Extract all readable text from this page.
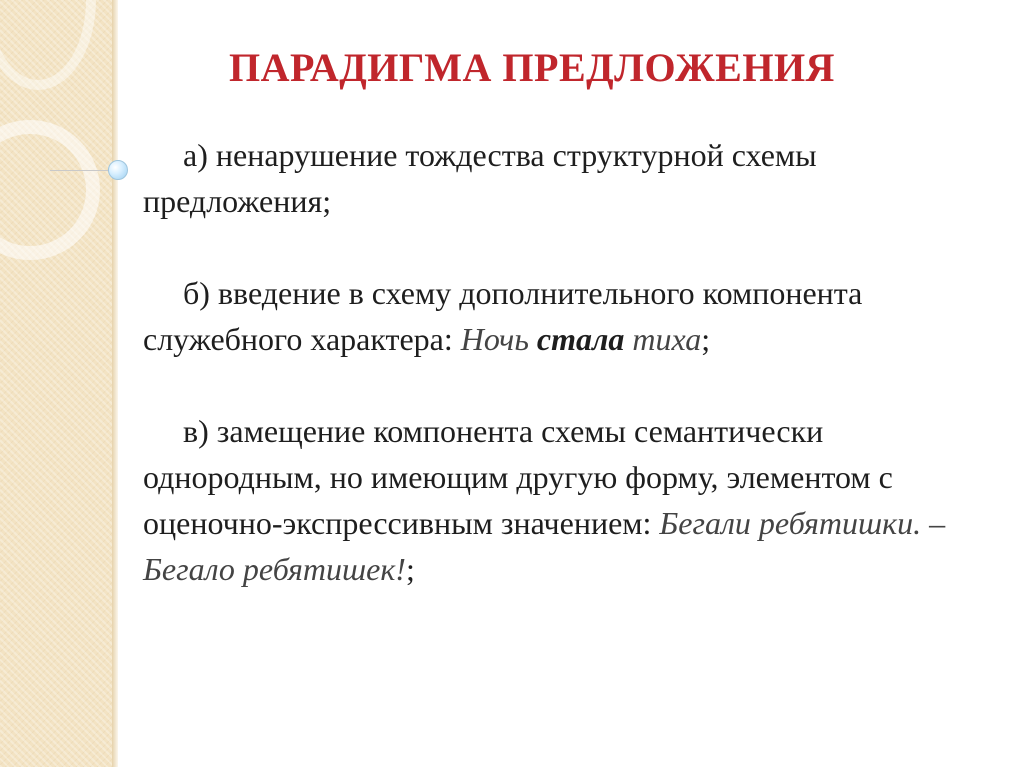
ПАРАДИГМА ПРЕДЛОЖЕНИЯ

а) ненарушение тождества структурной схемы предложения;

б) введение в схему дополнительного компонента служебного характера: Ночь стала тиха;

в) замещение компонента схемы семантически однородным, но имеющим другую форму, элементом с оценочно-экспрессивным значением: Бегали ребятишки. – Бегало ребятишек!;
